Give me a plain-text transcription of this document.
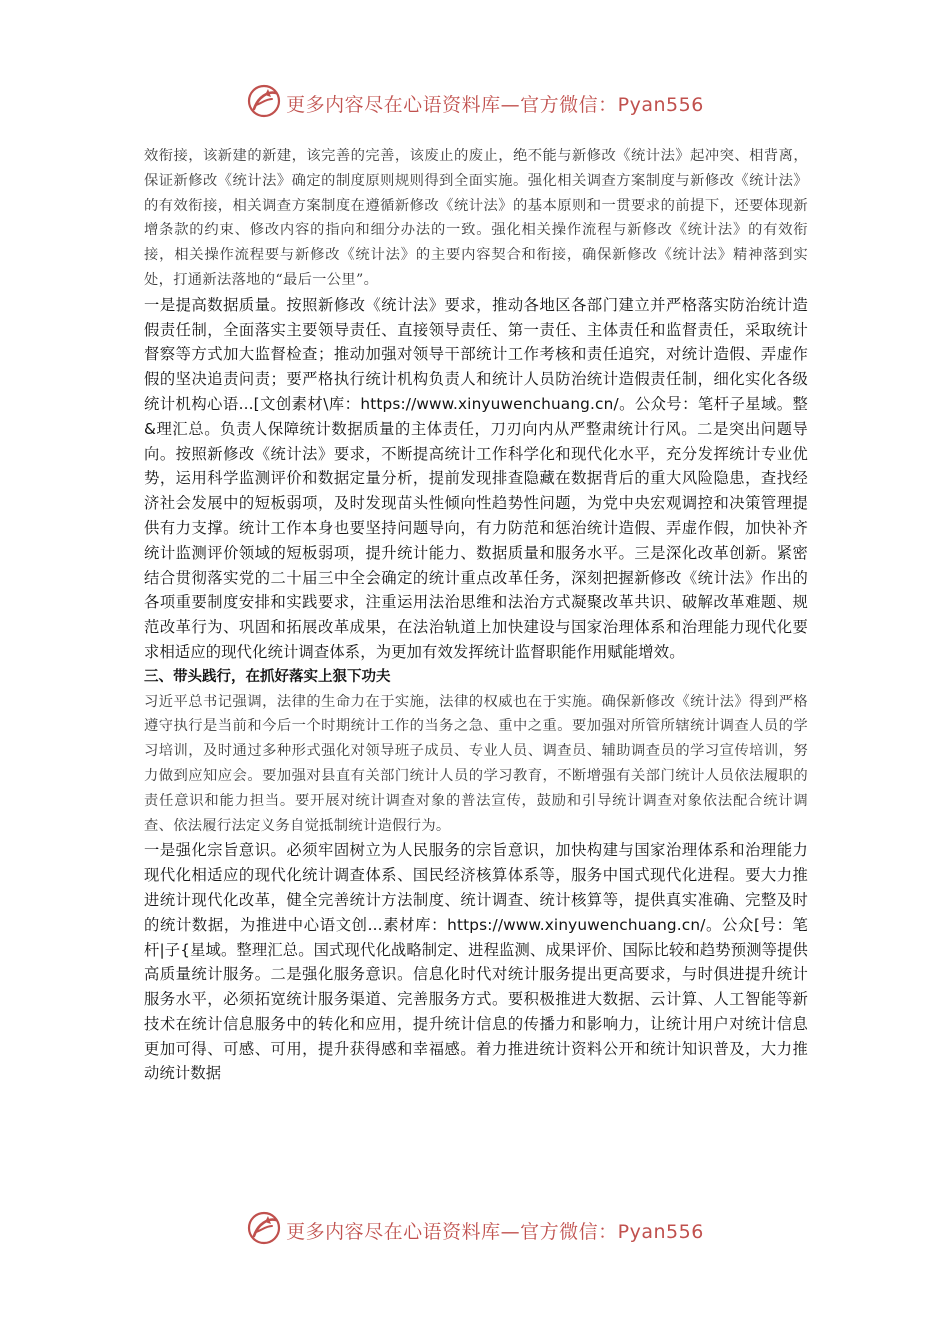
更多内容尽在心语资料库—官方微信：Pyan556

效衔接，该新建的新建，该完善的完善，该废止的废止，绝不能与新修改《统计法》起冲突、相背离，保证新修改《统计法》确定的制度原则规则得到全面实施。强化相关调查方案制度与新修改《统计法》的有效衔接，相关调查方案制度在遵循新修改《统计法》的基本原则和一贯要求的前提下，还要体现新增条款的约束、修改内容的指向和细分办法的一致。强化相关操作流程与新修改《统计法》的有效衔接，相关操作流程要与新修改《统计法》的主要内容契合和衔接，确保新修改《统计法》精神落到实处，打通新法落地的“最后一公里”。

一是提高数据质量。按照新修改《统计法》要求，推动各地区各部门建立并严格落实防治统计造假责任制，全面落实主要领导责任、直接领导责任、第一责任、主体责任和监督责任，采取统计督察等方式加大监督检查；推动加强对领导干部统计工作考核和责任追究，对统计造假、弄虚作假的坚决追责问责；要严格执行统计机构负责人和统计人员防治统计造假责任制，细化实化各级统计机构心语...[文创素材\库：https://www.xinyuwenchuang.cn/。公众号：笔杆子星域。整&理汇总。负责人保障统计数据质量的主体责任，刀刃向内从严整肃统计行风。二是突出问题导向。按照新修改《统计法》要求，不断提高统计工作科学化和现代化水平，充分发挥统计专业优势，运用科学监测评价和数据定量分析，提前发现排查隐藏在数据背后的重大风险隐患，查找经济社会发展中的短板弱项，及时发现苗头性倾向性趋势性问题，为党中央宏观调控和决策管理提供有力支撑。统计工作本身也要坚持问题导向，有力防范和惩治统计造假、弄虚作假，加快补齐统计监测评价领域的短板弱项，提升统计能力、数据质量和服务水平。三是深化改革创新。紧密结合贯彻落实党的二十届三中全会确定的统计重点改革任务，深刻把握新修改《统计法》作出的各项重要制度安排和实践要求，注重运用法治思维和法治方式凝聚改革共识、破解改革难题、规范改革行为、巩固和拓展改革成果，在法治轨道上加快建设与国家治理体系和治理能力现代化要求相适应的现代化统计调查体系，为更加有效发挥统计监督职能作用赋能增效。

三、带头践行，在抓好落实上狠下功夫

习近平总书记强调，法律的生命力在于实施，法律的权威也在于实施。确保新修改《统计法》得到严格遵守执行是当前和今后一个时期统计工作的当务之急、重中之重。要加强对所管所辖统计调查人员的学习培训，及时通过多种形式强化对领导班子成员、专业人员、调查员、辅助调查员的学习宣传培训，努力做到应知应会。要加强对县直有关部门统计人员的学习教育，不断增强有关部门统计人员依法履职的责任意识和能力担当。要开展对统计调查对象的普法宣传，鼓励和引导统计调查对象依法配合统计调查、依法履行法定义务自觉抵制统计造假行为。

一是强化宗旨意识。必须牢固树立为人民服务的宗旨意识，加快构建与国家治理体系和治理能力现代化相适应的现代化统计调查体系、国民经济核算体系等，服务中国式现代化进程。要大力推进统计现代化改革，健全完善统计方法制度、统计调查、统计核算等，提供真实准确、完整及时的统计数据，为推进中心语文创...素材库：https://www.xinyuwenchuang.cn/。公众[号：笔杆|子{星域。整理汇总。国式现代化战略制定、进程监测、成果评价、国际比较和趋势预测等提供高质量统计服务。二是强化服务意识。信息化时代对统计服务提出更高要求，与时俱进提升统计服务水平，必须拓宽统计服务渠道、完善服务方式。要积极推进大数据、云计算、人工智能等新技术在统计信息服务中的转化和应用，提升统计信息的传播力和影响力，让统计用户对统计信息更加可得、可感、可用，提升获得感和幸福感。着力推进统计资料公开和统计知识普及，大力推动统计数据

更多内容尽在心语资料库—官方微信：Pyan556
